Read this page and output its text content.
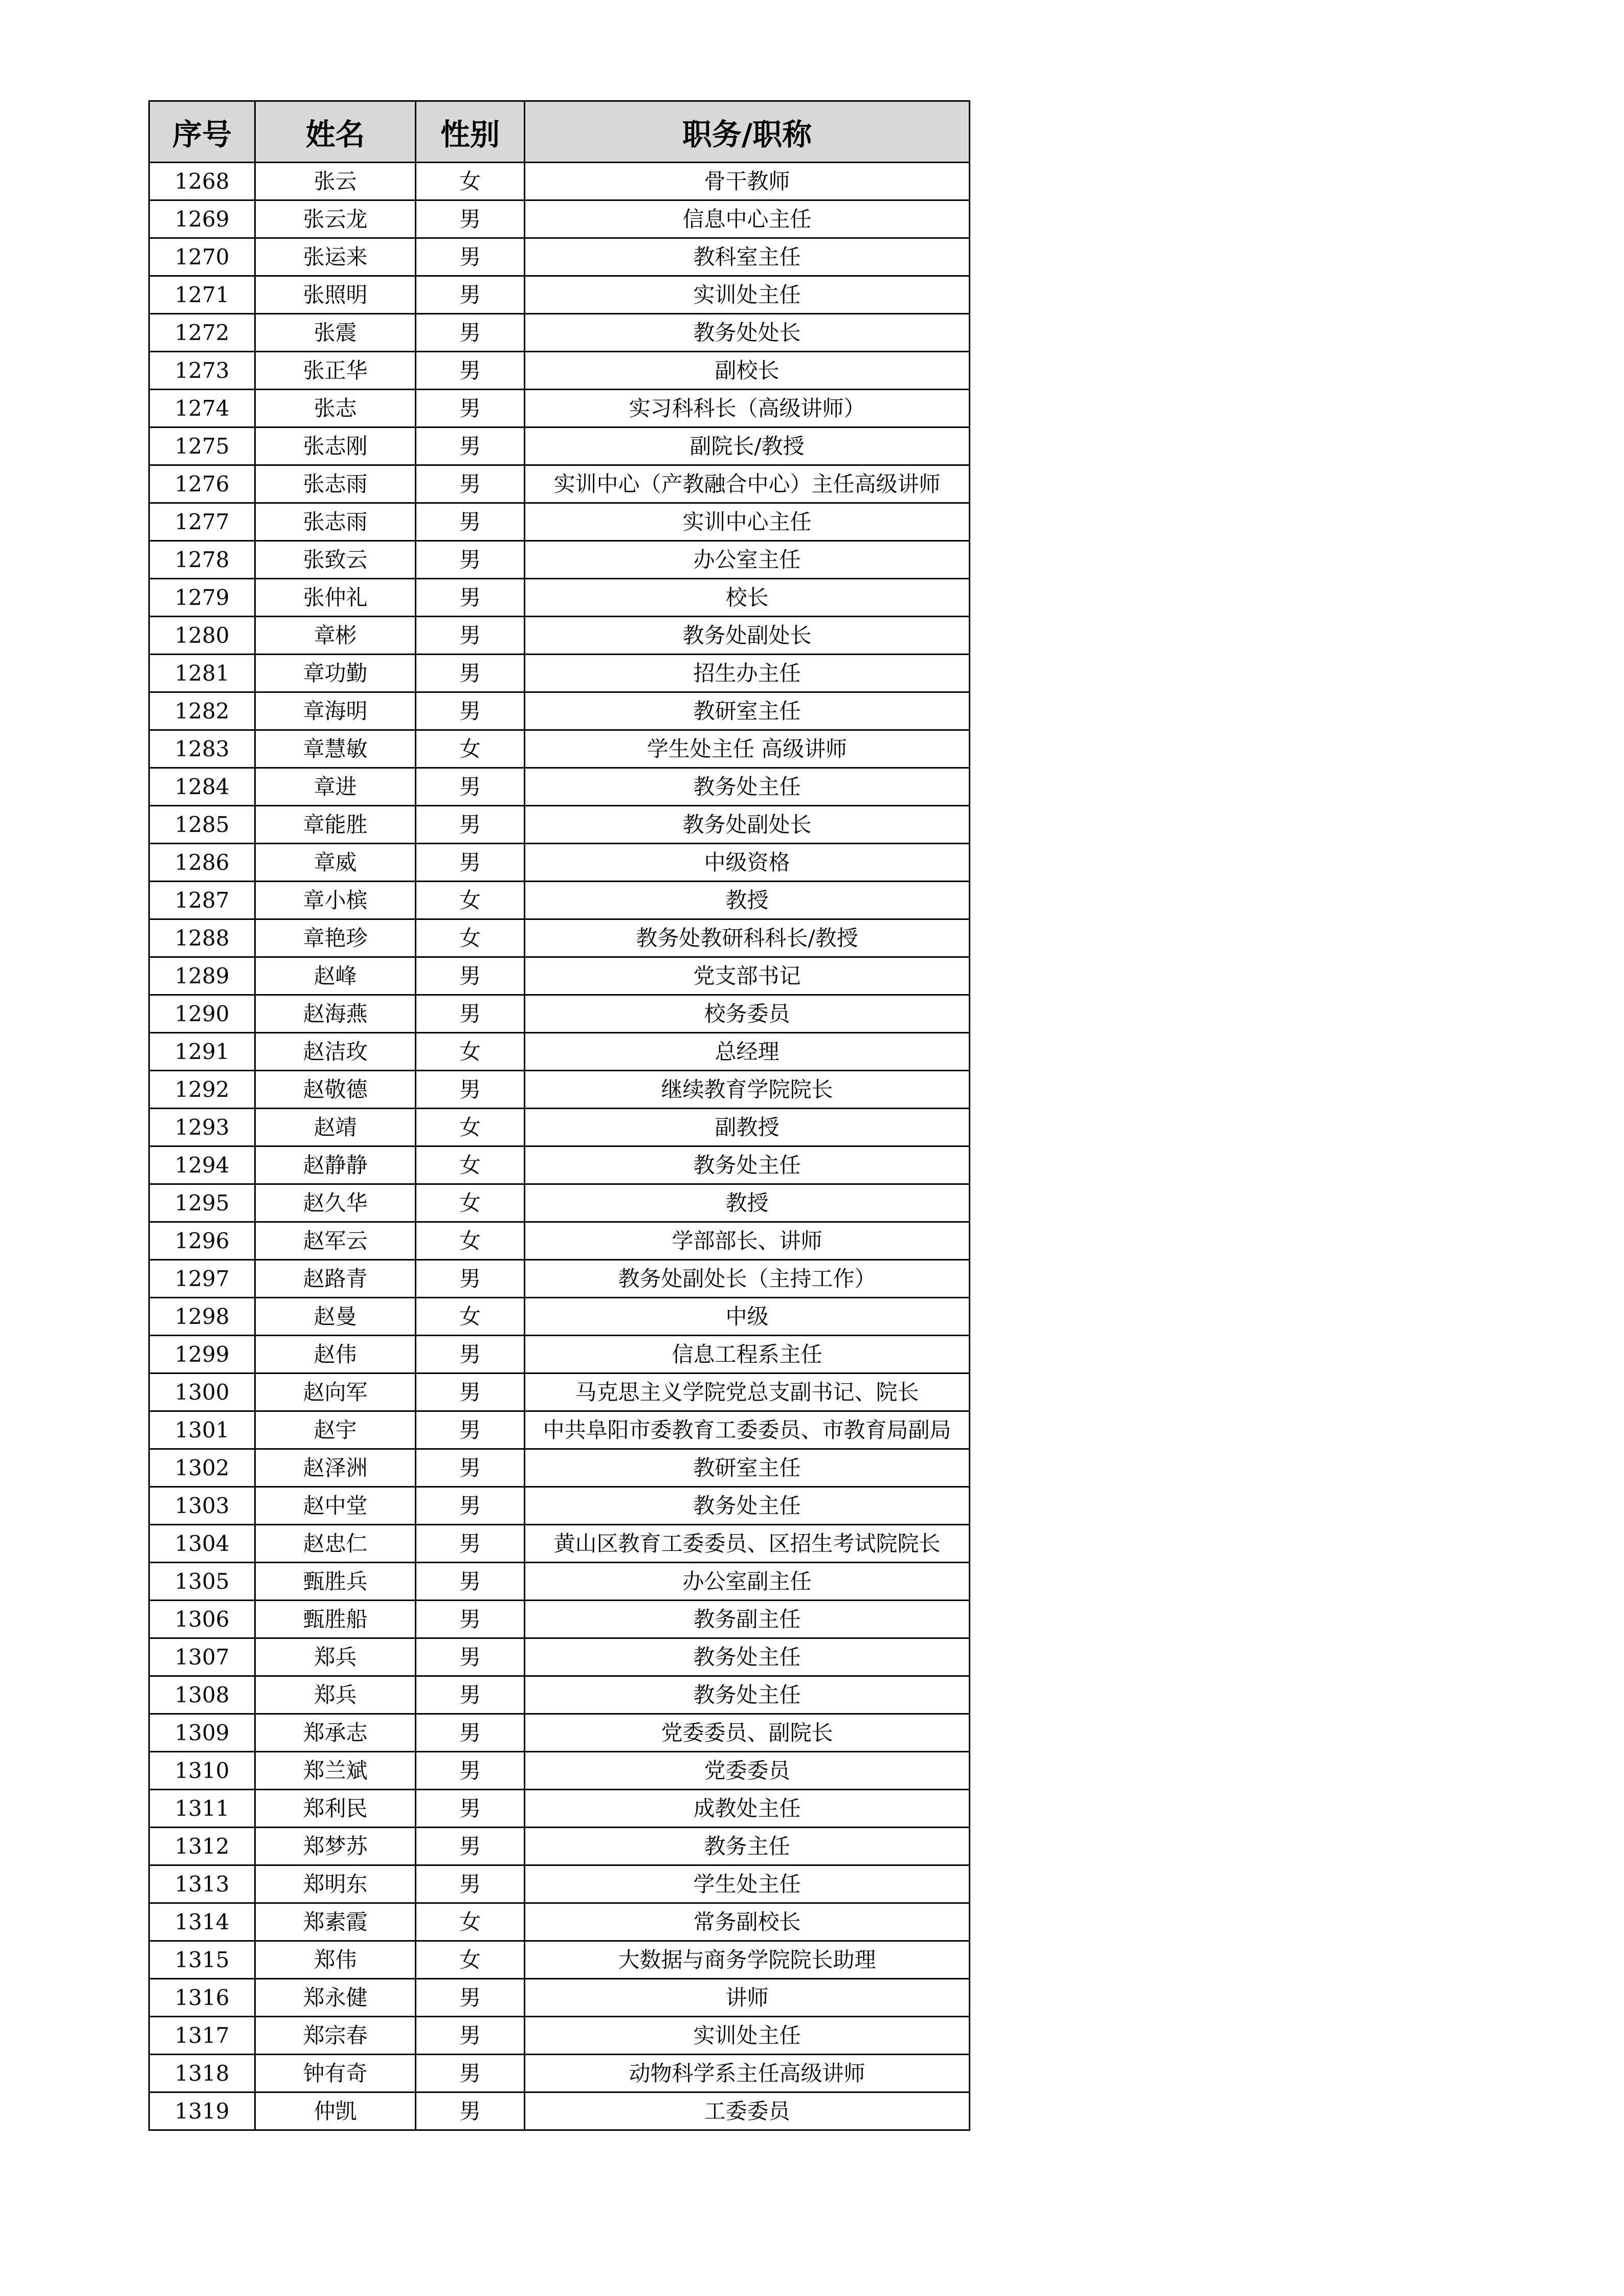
序号	姓名	性别	职务/职称
1268	张云	女	骨干教师
1269	张云龙	男	信息中心主任
1270	张运来	男	教科室主任
1271	张照明	男	实训处主任
1272	张震	男	教务处处长
1273	张正华	男	副校长
1274	张志	男	实习科科长（高级讲师）
1275	张志刚	男	副院长/教授
1276	张志雨	男	实训中心（产教融合中心）主任高级讲师
1277	张志雨	男	实训中心主任
1278	张致云	男	办公室主任
1279	张仲礼	男	校长
1280	章彬	男	教务处副处长
1281	章功勤	男	招生办主任
1282	章海明	男	教研室主任
1283	章慧敏	女	学生处主任 高级讲师
1284	章进	男	教务处主任
1285	章能胜	男	教务处副处长
1286	章威	男	中级资格
1287	章小槟	女	教授
1288	章艳珍	女	教务处教研科科长/教授
1289	赵峰	男	党支部书记
1290	赵海燕	男	校务委员
1291	赵洁玫	女	总经理
1292	赵敬德	男	继续教育学院院长
1293	赵靖	女	副教授
1294	赵静静	女	教务处主任
1295	赵久华	女	教授
1296	赵军云	女	学部部长、讲师
1297	赵路青	男	教务处副处长（主持工作）
1298	赵曼	女	中级
1299	赵伟	男	信息工程系主任
1300	赵向军	男	马克思主义学院党总支副书记、院长
1301	赵宇	男	中共阜阳市委教育工委委员、市教育局副局
1302	赵泽洲	男	教研室主任
1303	赵中堂	男	教务处主任
1304	赵忠仁	男	黄山区教育工委委员、区招生考试院院长
1305	甄胜兵	男	办公室副主任
1306	甄胜船	男	教务副主任
1307	郑兵	男	教务处主任
1308	郑兵	男	教务处主任
1309	郑承志	男	党委委员、副院长
1310	郑兰斌	男	党委委员
1311	郑利民	男	成教处主任
1312	郑梦苏	男	教务主任
1313	郑明东	男	学生处主任
1314	郑素霞	女	常务副校长
1315	郑伟	女	大数据与商务学院院长助理
1316	郑永健	男	讲师
1317	郑宗春	男	实训处主任
1318	钟有奇	男	动物科学系主任高级讲师
1319	仲凯	男	工委委员
